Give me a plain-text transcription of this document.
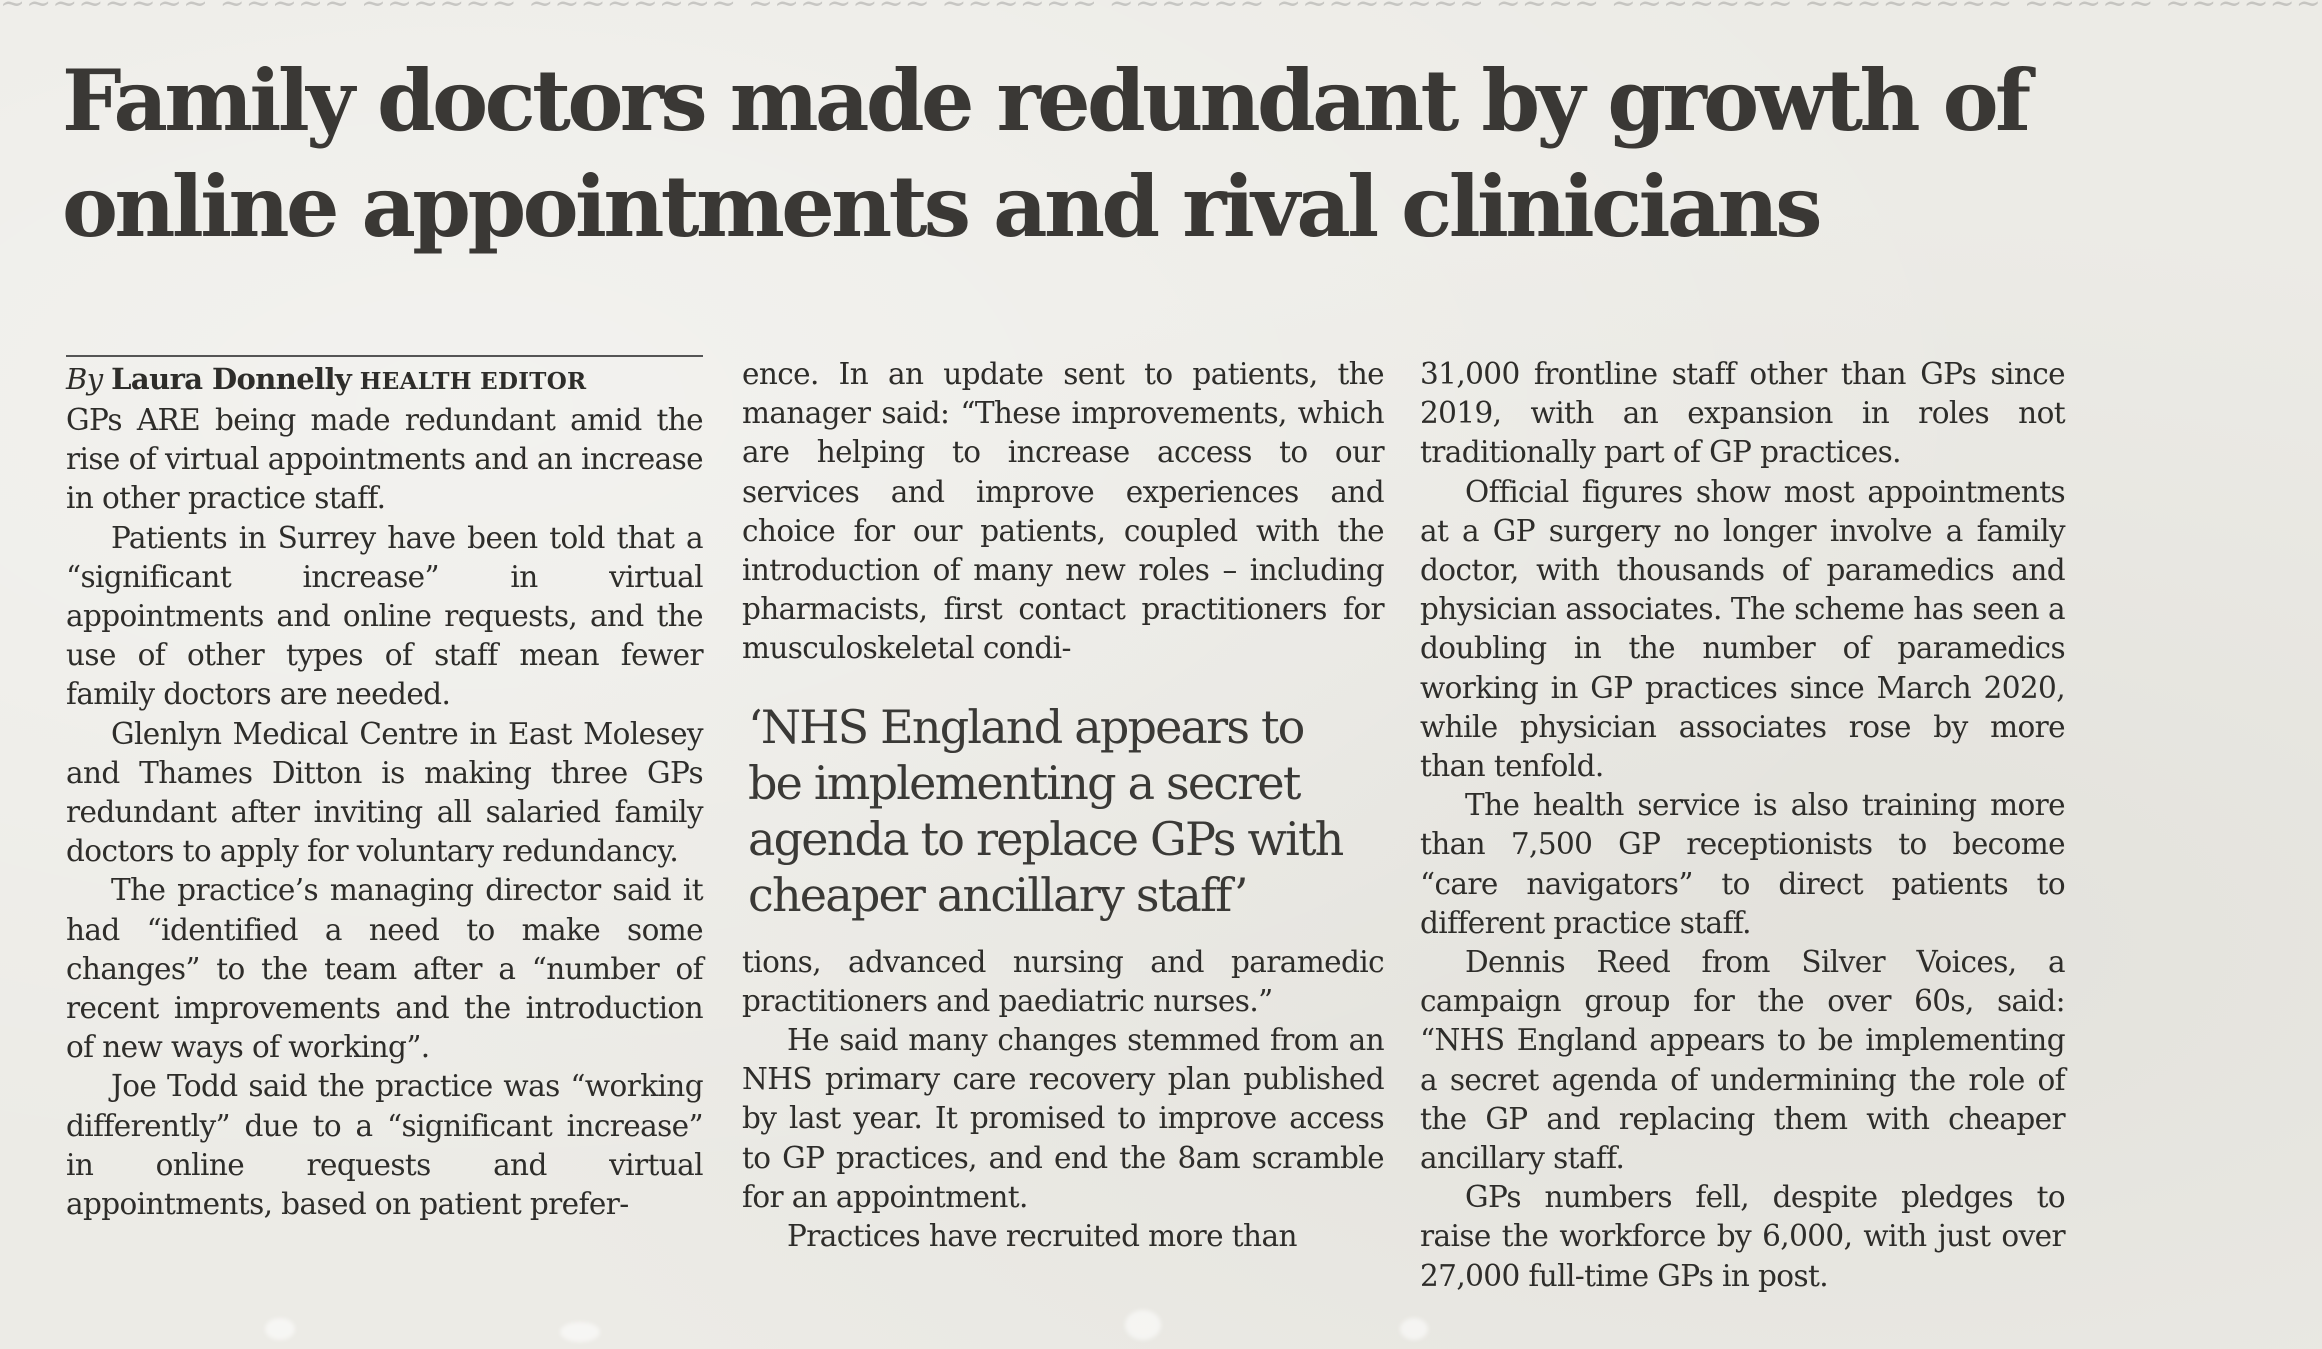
~~~~~~~~ ~~~~~ ~~~~~~ ~~~~~~~~ ~~~~~~~ ~~~~~~ ~~~~~~ ~~~~~~~~ ~~~~ ~~~~~~~ ~~~~~~~~ ~~~~~ ~~~~~~
Family doctors made redundant by growth of online appointments and rival clinicians

By Laura Donnelly HEALTH EDITOR

GPs ARE being made redundant amid the rise of virtual appointments and an increase in other practice staff.

Patients in Surrey have been told that a “significant increase” in virtual appointments and online requests, and the use of other types of staff mean fewer family doctors are needed.

Glenlyn Medical Centre in East Molesey and Thames Ditton is making three GPs redundant after inviting all salaried family doctors to apply for voluntary redundancy.

The practice’s managing director said it had “identified a need to make some changes” to the team after a “number of recent improvements and the introduction of new ways of working”.

Joe Todd said the practice was “working differently” due to a “significant increase” in online requests and virtual appointments, based on patient prefer-

ence. In an update sent to patients, the manager said: “These improvements, which are helping to increase access to our services and improve experiences and choice for our patients, coupled with the introduction of many new roles – including pharmacists, first contact practitioners for musculoskeletal condi-

‘NHS England appears to be implementing a secret agenda to replace GPs with cheaper ancillary staff’

tions, advanced nursing and paramedic practitioners and paediatric nurses.”

He said many changes stemmed from an NHS primary care recovery plan published by last year. It promised to improve access to GP practices, and end the 8am scramble for an appointment.

Practices have recruited more than

31,000 frontline staff other than GPs since 2019, with an expansion in roles not traditionally part of GP practices.

Official figures show most appointments at a GP surgery no longer involve a family doctor, with thousands of paramedics and physician associates. The scheme has seen a doubling in the number of paramedics working in GP practices since March 2020, while physician associates rose by more than tenfold.

The health service is also training more than 7,500 GP receptionists to become “care navigators” to direct patients to different practice staff.

Dennis Reed from Silver Voices, a campaign group for the over 60s, said: “NHS England appears to be implementing a secret agenda of undermining the role of the GP and replacing them with cheaper ancillary staff.

GPs numbers fell, despite pledges to raise the workforce by 6,000, with just over 27,000 full-time GPs in post.
